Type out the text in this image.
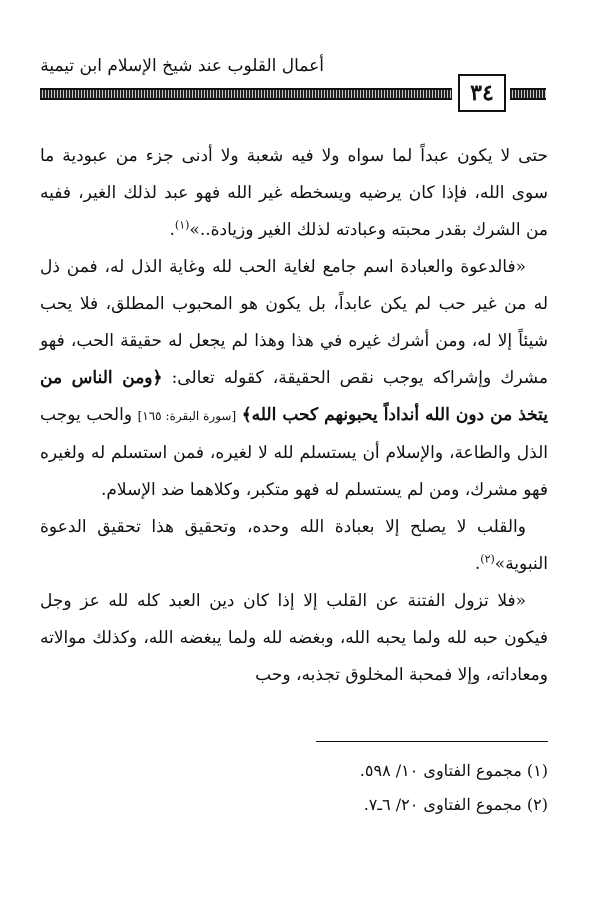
أعمال القلوب عند شيخ الإسلام ابن تيمية
٣٤

حتى لا يكون عبداً لما سواه ولا فيه شعبة ولا أدنى جزء من عبودية ما سوى الله، فإذا كان يرضيه ويسخطه غير الله فهو عبد لذلك الغير، ففيه من الشرك بقدر محبته وعبادته لذلك الغير وزيادة..»$^{(١)}$.

«فالدعوة والعبادة اسم جامع لغاية الحب لله وغاية الذل له، فمن ذل له من غير حب لم يكن عابداً، بل يكون هو المحبوب المطلق، فلا يحب شيئاً إلا له، ومن أشرك غيره في هذا وهذا لم يجعل له حقيقة الحب، فهو مشرك وإشراكه يوجب نقص الحقيقة، كقوله تعالى: ﴿ومن الناس من يتخذ من دون الله أنداداً يحبونهم كحب الله﴾ [سورة البقرة: ١٦٥] والحب يوجب الذل والطاعة، والإسلام أن يستسلم لله لا لغيره، فمن استسلم له ولغيره فهو مشرك، ومن لم يستسلم له فهو متكبر، وكلاهما ضد الإسلام.

والقلب لا يصلح إلا بعبادة الله وحده، وتحقيق هذا تحقيق الدعوة النبوية»$^{(٢)}$.

«فلا تزول الفتنة عن القلب إلا إذا كان دين العبد كله لله عز وجل فيكون حبه لله ولما يحبه الله، وبغضه لله ولما يبغضه الله، وكذلك موالاته ومعاداته، وإلا فمحبة المخلوق تجذبه، وحب

(١) مجموع الفتاوى ١٠/ ٥٩٨.

(٢) مجموع الفتاوى ٢٠/ ٦ـ٧.
